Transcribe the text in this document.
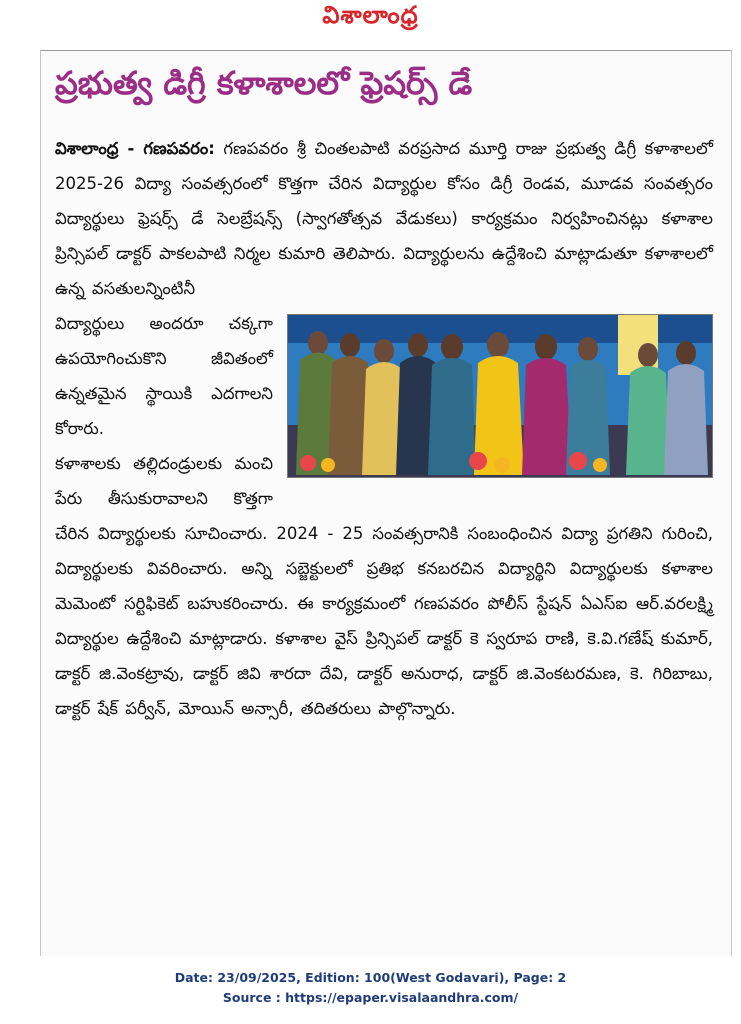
విశాలాంధ్ర
ప్రభుత్వ డిగ్రీ కళాశాలలో ఫ్రెషర్స్ డే

విశాలాంధ్ర - గణపవరం: గణపవరం శ్రీ చింతలపాటి వరప్రసాద మూర్తి రాజు ప్రభుత్వ డిగ్రీ కళాశాలలో 2025-26 విద్యా సంవత్సరంలో కొత్తగా చేరిన విద్యార్థుల కోసం డిగ్రీ రెండవ, మూడవ సంవత్సరం విద్యార్థులు ఫ్రెషర్స్ డే సెలబ్రేషన్స్ (స్వాగతోత్సవ వేడుకలు) కార్యక్రమం నిర్వహించినట్లు కళాశాల ప్రిన్సిపల్ డాక్టర్ పాకలపాటి నిర్మల కుమారి తెలిపారు. విద్యార్థులను ఉద్దేశించి మాట్లాడుతూ కళాశాలలో ఉన్న వసతులన్నింటినీ

విద్యార్థులు అందరూ చక్కగా ఉపయోగించుకొని జీవితంలో ఉన్నతమైన స్థాయికి ఎదగాలని కోరారు.

కళాశాలకు తల్లిదండ్రులకు మంచి పేరు తీసుకురావాలని కొత్తగా చేరిన విద్యార్థులకు సూచించారు. 2024 - 25 సంవత్సరానికి సంబంధించిన విద్యా ప్రగతిని గురించి, విద్యార్థులకు వివరించారు. అన్ని సబ్జెక్టులలో ప్రతిభ కనబరచిన విద్యార్థిని విద్యార్థులకు కళాశాల మెమెంటో సర్టిఫికెట్ బహుకరించారు. ఈ కార్యక్రమంలో గణపవరం పోలీస్ స్టేషన్ ఏఎస్ఐ ఆర్.వరలక్ష్మి విద్యార్థుల ఉద్దేశించి మాట్లాడారు. కళాశాల వైస్ ప్రిన్సిపల్ డాక్టర్ కె స్వరూప రాణి, కె.వి.గణేష్ కుమార్, డాక్టర్ జి.వెంకట్రావు, డాక్టర్ జివి శారదా దేవి, డాక్టర్ అనురాధ, డాక్టర్ జి.వెంకటరమణ, కె. గిరిబాబు, డాక్టర్ షేక్ పర్వీన్, మోయిన్ అన్సారీ, తదితరులు పాల్గొన్నారు.

Date: 23/09/2025, Edition: 100(West Godavari), Page: 2
Source : https://epaper.visalaandhra.com/
